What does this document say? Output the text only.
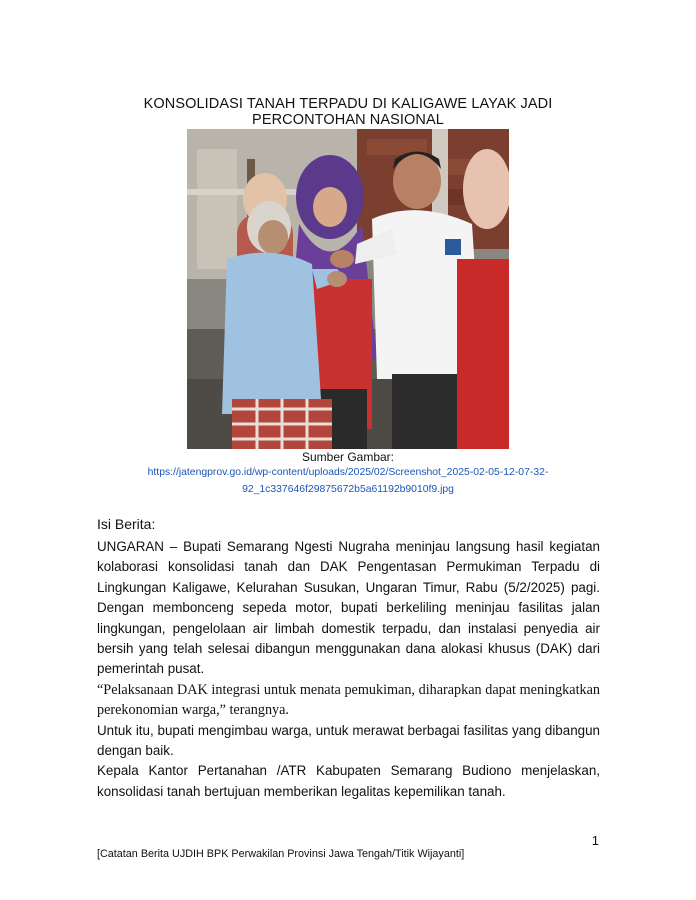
KONSOLIDASI TANAH TERPADU DI KALIGAWE LAYAK JADI
PERCONTOHAN NASIONAL
Sumber Gambar:
https://jatengprov.go.id/wp-content/uploads/2025/02/Screenshot_2025-02-05-12-07-32-
92_1c337646f29875672b5a61192b9010f9.jpg

Isi Berita:

UNGARAN – Bupati Semarang Ngesti Nugraha meninjau langsung hasil kegiatan kolaborasi konsolidasi tanah dan DAK Pengentasan Permukiman Terpadu di Lingkungan Kaligawe, Kelurahan Susukan, Ungaran Timur, Rabu (5/2/2025) pagi. Dengan membonceng sepeda motor, bupati berkeliling meninjau fasilitas jalan lingkungan, pengelolaan air limbah domestik terpadu, dan instalasi penyedia air bersih yang telah selesai dibangun menggunakan dana alokasi khusus (DAK) dari pemerintah pusat.

“Pelaksanaan DAK integrasi untuk menata pemukiman, diharapkan dapat meningkatkan perekonomian warga,” terangnya.

Untuk itu, bupati mengimbau warga, untuk merawat berbagai fasilitas yang dibangun dengan baik.

Kepala Kantor Pertanahan /ATR Kabupaten Semarang Budiono menjelaskan, konsolidasi tanah bertujuan memberikan legalitas kepemilikan tanah.

1
[Catatan Berita UJDIH BPK Perwakilan Provinsi Jawa Tengah/Titik Wijayanti]
